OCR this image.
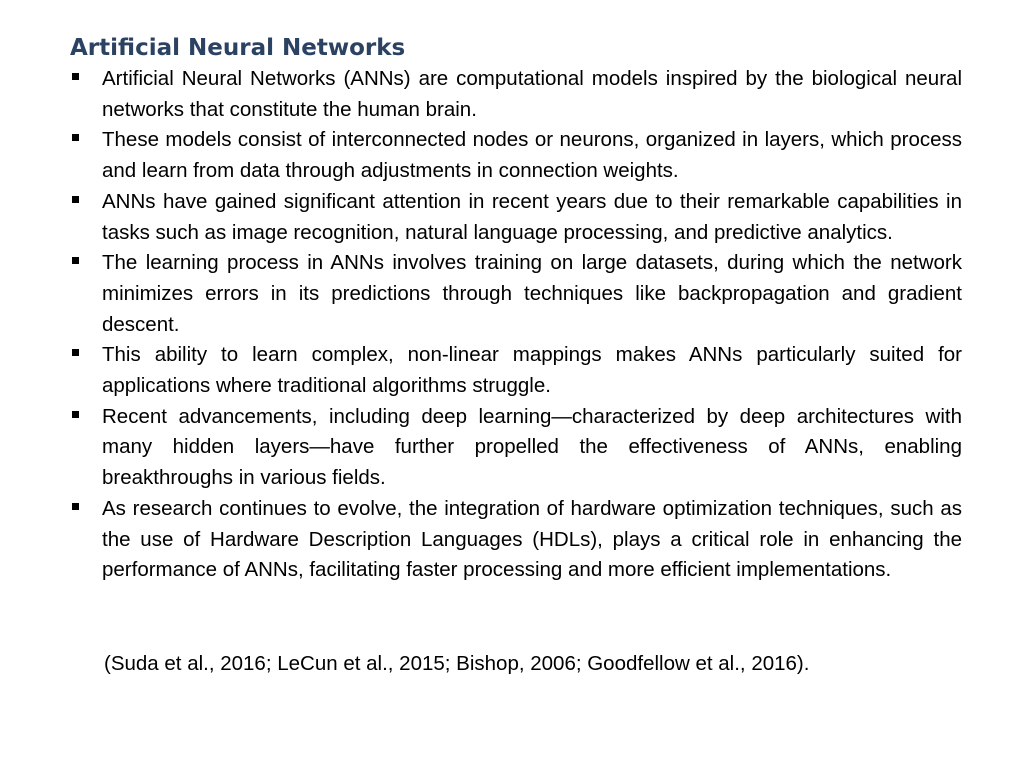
Artificial Neural Networks
Artificial Neural Networks (ANNs) are computational models inspired by the biological neural networks that constitute the human brain.
These models consist of interconnected nodes or neurons, organized in layers, which process and learn from data through adjustments in connection weights.
ANNs have gained significant attention in recent years due to their remarkable capabilities in tasks such as image recognition, natural language processing, and predictive analytics.
The learning process in ANNs involves training on large datasets, during which the network minimizes errors in its predictions through techniques like backpropagation and gradient descent.
This ability to learn complex, non-linear mappings makes ANNs particularly suited for applications where traditional algorithms struggle.
Recent advancements, including deep learning—characterized by deep architectures with many hidden layers—have further propelled the effectiveness of ANNs, enabling breakthroughs in various fields.
As research continues to evolve, the integration of hardware optimization techniques, such as the use of Hardware Description Languages (HDLs), plays a critical role in enhancing the performance of ANNs, facilitating faster processing and more efficient implementations.

(Suda et al., 2016; LeCun et al., 2015; Bishop, 2006; Goodfellow et al., 2016).
